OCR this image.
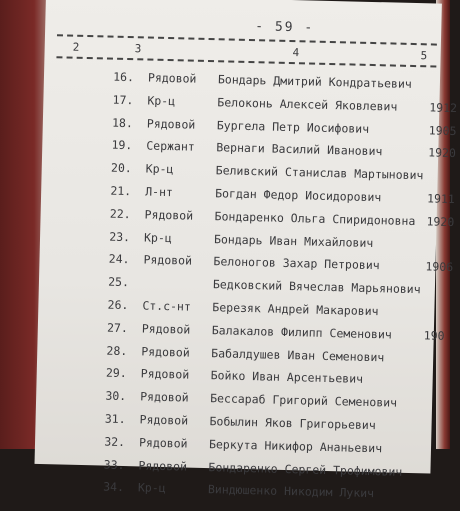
- 59 -
2	3	4	5
16. Рядовой Бондарь Дмитрий Кондратьевич
17. Кр-ц	Белоконь Алексей Яковлевич	1912
18. Рядовой Бургела Петр Иосифович	1905
19. Сержант Вернаги Василий Иванович	1920
20. Кр-ц	Беливский Станислав Мартынович
21. Л-нт	Богдан Федор Иосидорович	1911
22. Рядовой Бондаренко Ольга Спиридоновна 1920
23. Кр-ц	Бондарь Иван Михайлович
24. Рядовой Белоногов Захар Петрович	1906
25.	Бедковский Вячеслав Марьянович
26. Ст.с-нт Березяк Андрей Макарович
27. Рядовой Балакалов Филипп Семенович	190
28. Рядовой Бабалдушев Иван Семенович
29. Рядовой Бойко Иван Арсентьевич
30. Рядовой Бессараб Григорий Семенович
31. Рядовой Бобылин Яков Григорьевич
32. Рядовой Беркута Никифор Ананьевич
33. Рядовой Бондаренко Сергей Трофимович
34. Кр-ц	Виндюшенко Никодим Лукич
